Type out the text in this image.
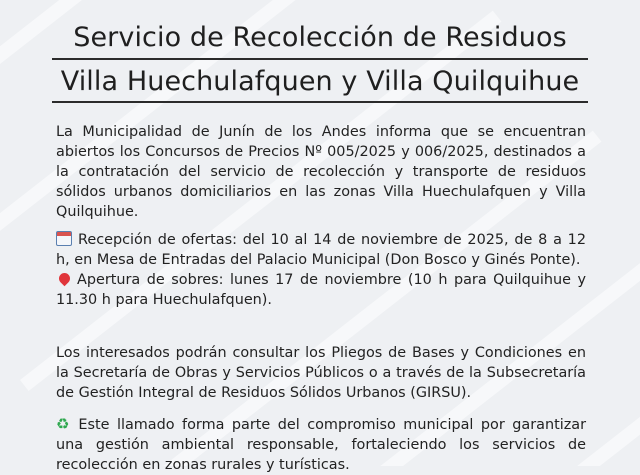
Servicio de Recolección de Residuos
Villa Huechulafquen y Villa Quilquihue

La Municipalidad de Junín de los Andes informa que se encuentran abiertos los Concursos de Precios Nº 005/2025 y 006/2025, destinados a la contratación del servicio de recolección y transporte de residuos sólidos urbanos domiciliarios en las zonas Villa Huechulafquen y Villa Quilquihue.

Recepción de ofertas: del 10 al 14 de noviembre de 2025, de 8 a 12 h, en Mesa de Entradas del Palacio Municipal (Don Bosco y Ginés Ponte).

Apertura de sobres: lunes 17 de noviembre (10 h para Quilquihue y 11.30 h para Huechulafquen).

Los interesados podrán consultar los Pliegos de Bases y Condiciones en la Secretaría de Obras y Servicios Públicos o a través de la Subsecretaría de Gestión Integral de Residuos Sólidos Urbanos (GIRSU).

♻ Este llamado forma parte del compromiso municipal por garantizar una gestión ambiental responsable, fortaleciendo los servicios de recolección en zonas rurales y turísticas.
